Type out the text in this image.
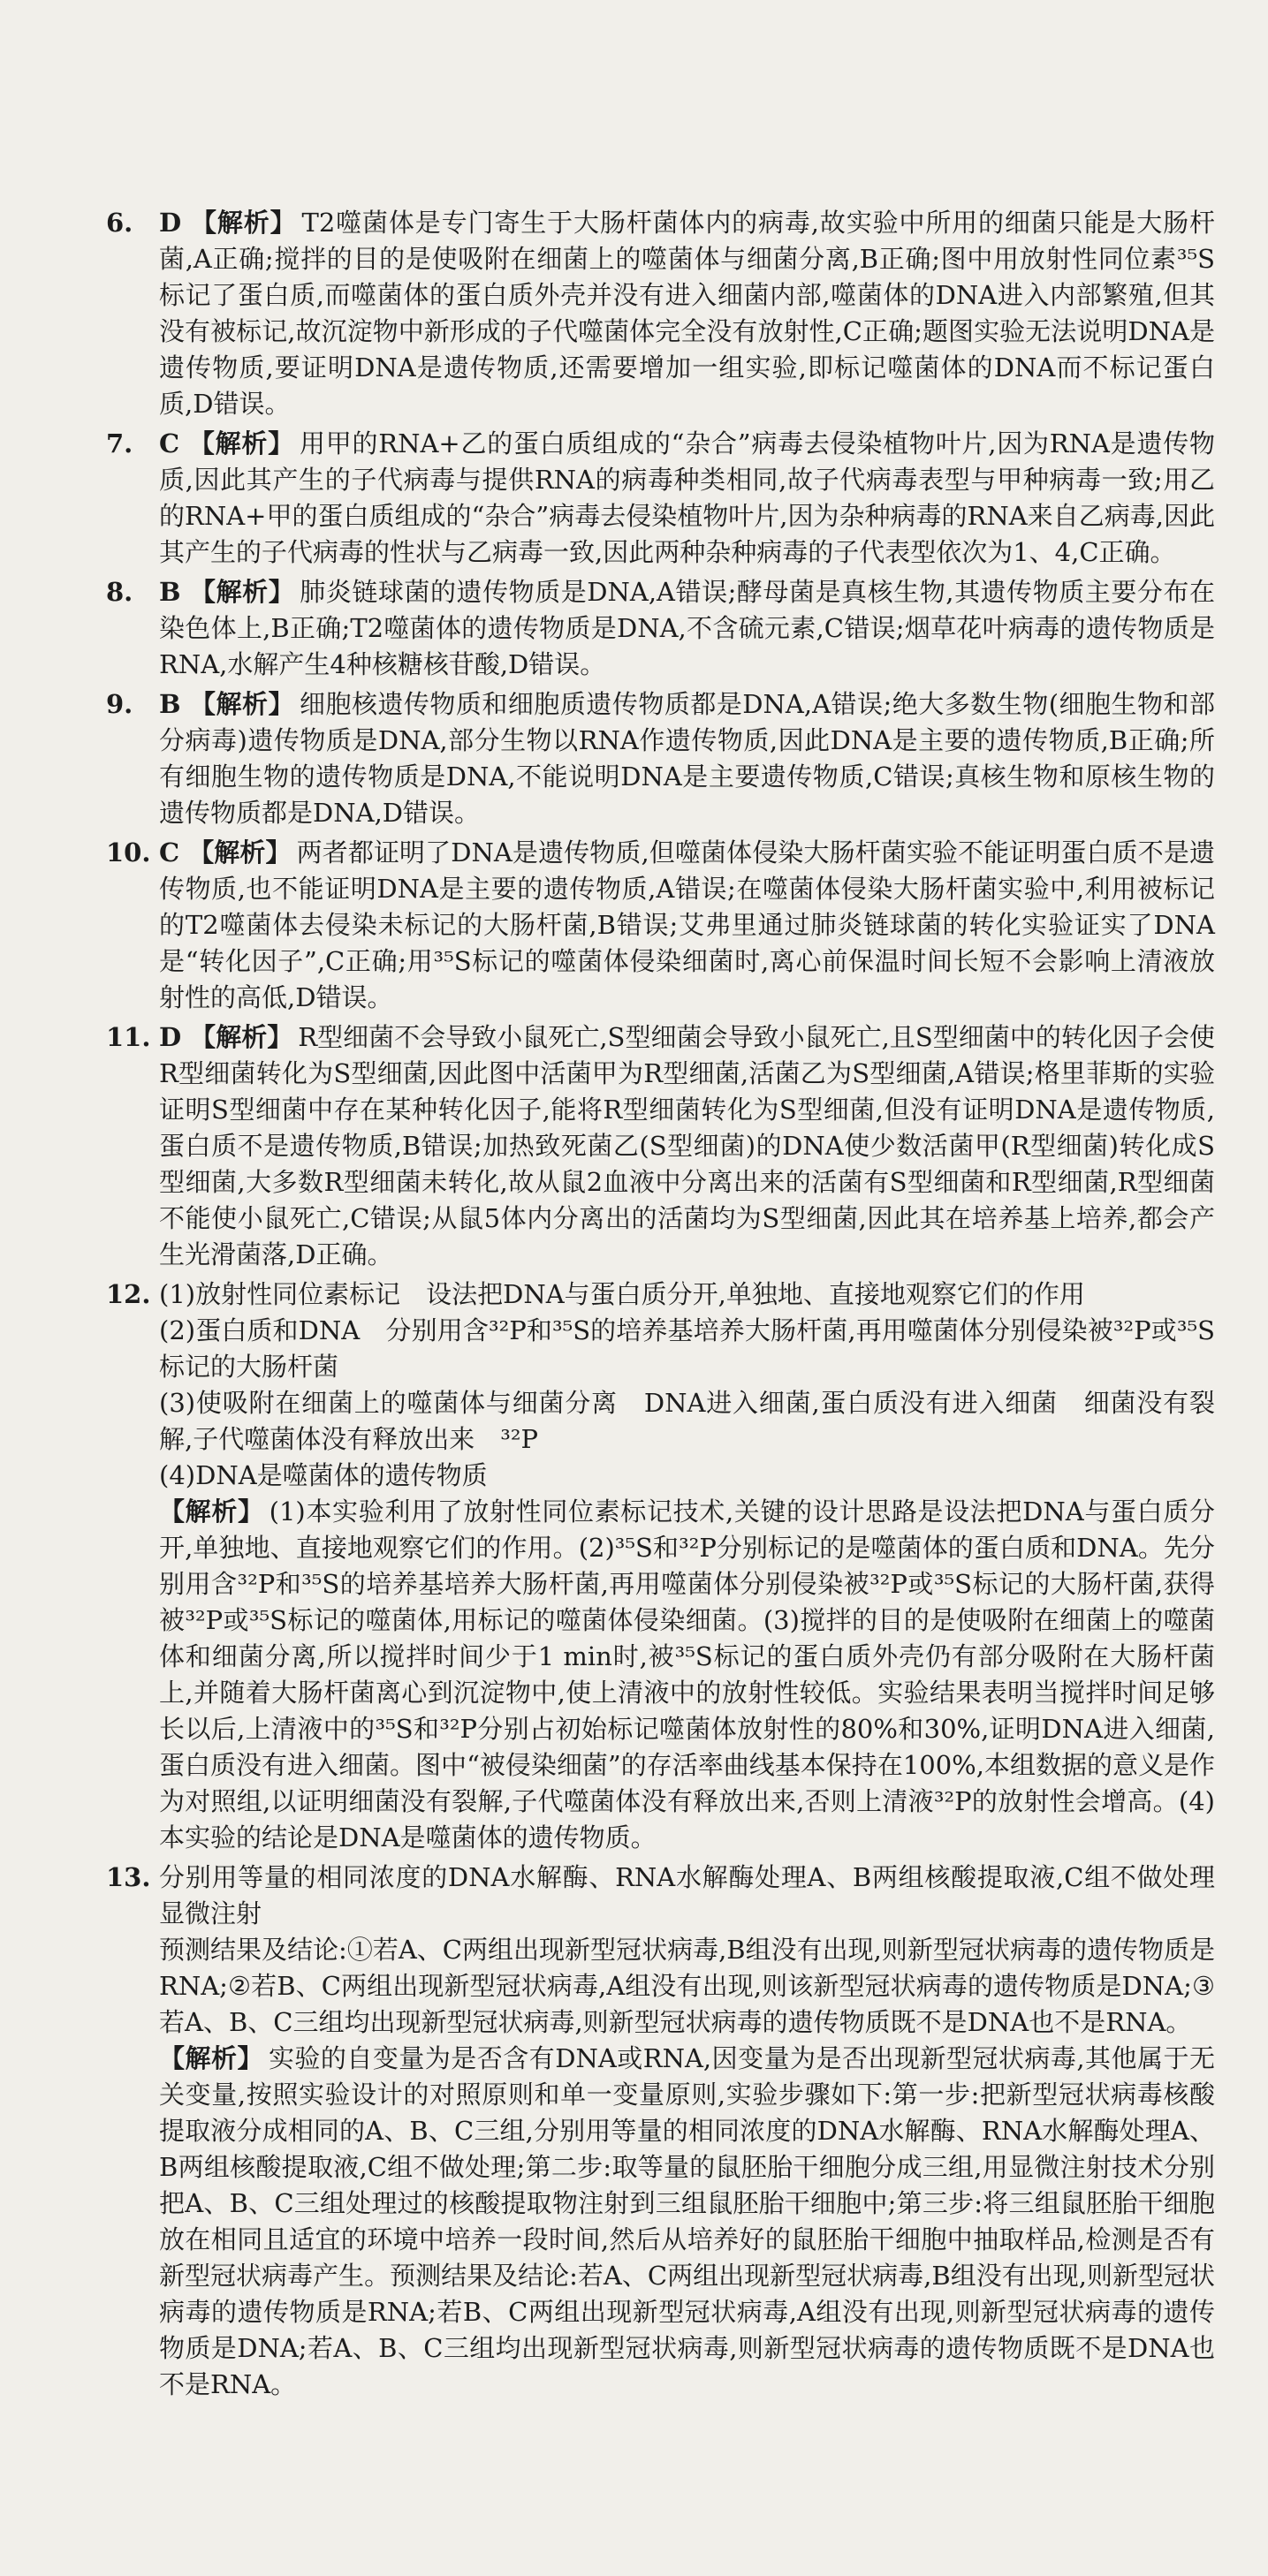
6.	D 【解析】 T2噬菌体是专门寄生于大肠杆菌体内的病毒,故实验中所用的细菌只能是大肠杆菌,A正确;搅拌的目的是使吸附在细菌上的噬菌体与细菌分离,B正确;图中用放射性同位素³⁵S标记了蛋白质,而噬菌体的蛋白质外壳并没有进入细菌内部,噬菌体的DNA进入内部繁殖,但其没有被标记,故沉淀物中新形成的子代噬菌体完全没有放射性,C正确;题图实验无法说明DNA是遗传物质,要证明DNA是遗传物质,还需要增加一组实验,即标记噬菌体的DNA而不标记蛋白质,D错误。
7.	C 【解析】 用甲的RNA+乙的蛋白质组成的“杂合”病毒去侵染植物叶片,因为RNA是遗传物质,因此其产生的子代病毒与提供RNA的病毒种类相同,故子代病毒表型与甲种病毒一致;用乙的RNA+甲的蛋白质组成的“杂合”病毒去侵染植物叶片,因为杂种病毒的RNA来自乙病毒,因此其产生的子代病毒的性状与乙病毒一致,因此两种杂种病毒的子代表型依次为1、4,C正确。
8.	B 【解析】 肺炎链球菌的遗传物质是DNA,A错误;酵母菌是真核生物,其遗传物质主要分布在染色体上,B正确;T2噬菌体的遗传物质是DNA,不含硫元素,C错误;烟草花叶病毒的遗传物质是RNA,水解产生4种核糖核苷酸,D错误。
9.	B 【解析】 细胞核遗传物质和细胞质遗传物质都是DNA,A错误;绝大多数生物(细胞生物和部分病毒)遗传物质是DNA,部分生物以RNA作遗传物质,因此DNA是主要的遗传物质,B正确;所有细胞生物的遗传物质是DNA,不能说明DNA是主要遗传物质,C错误;真核生物和原核生物的遗传物质都是DNA,D错误。
10. C 【解析】 两者都证明了DNA是遗传物质,但噬菌体侵染大肠杆菌实验不能证明蛋白质不是遗传物质,也不能证明DNA是主要的遗传物质,A错误;在噬菌体侵染大肠杆菌实验中,利用被标记的T2噬菌体去侵染未标记的大肠杆菌,B错误;艾弗里通过肺炎链球菌的转化实验证实了DNA是“转化因子”,C正确;用³⁵S标记的噬菌体侵染细菌时,离心前保温时间长短不会影响上清液放射性的高低,D错误。
11. D 【解析】 R型细菌不会导致小鼠死亡,S型细菌会导致小鼠死亡,且S型细菌中的转化因子会使R型细菌转化为S型细菌,因此图中活菌甲为R型细菌,活菌乙为S型细菌,A错误;格里菲斯的实验证明S型细菌中存在某种转化因子,能将R型细菌转化为S型细菌,但没有证明DNA是遗传物质,蛋白质不是遗传物质,B错误;加热致死菌乙(S型细菌)的DNA使少数活菌甲(R型细菌)转化成S型细菌,大多数R型细菌未转化,故从鼠2血液中分离出来的活菌有S型细菌和R型细菌,R型细菌不能使小鼠死亡,C错误;从鼠5体内分离出的活菌均为S型细菌,因此其在培养基上培养,都会产生光滑菌落,D正确。
12. (1)放射性同位素标记　设法把DNA与蛋白质分开,单独地、直接地观察它们的作用
(2)蛋白质和DNA　分别用含³²P和³⁵S的培养基培养大肠杆菌,再用噬菌体分别侵染被³²P或³⁵S标记的大肠杆菌
(3)使吸附在细菌上的噬菌体与细菌分离　DNA进入细菌,蛋白质没有进入细菌　细菌没有裂解,子代噬菌体没有释放出来　³²P
(4)DNA是噬菌体的遗传物质

【解析】 (1)本实验利用了放射性同位素标记技术,关键的设计思路是设法把DNA与蛋白质分开,单独地、直接地观察它们的作用。(2)³⁵S和³²P分别标记的是噬菌体的蛋白质和DNA。先分别用含³²P和³⁵S的培养基培养大肠杆菌,再用噬菌体分别侵染被³²P或³⁵S标记的大肠杆菌,获得被³²P或³⁵S标记的噬菌体,用标记的噬菌体侵染细菌。(3)搅拌的目的是使吸附在细菌上的噬菌体和细菌分离,所以搅拌时间少于1 min时,被³⁵S标记的蛋白质外壳仍有部分吸附在大肠杆菌上,并随着大肠杆菌离心到沉淀物中,使上清液中的放射性较低。实验结果表明当搅拌时间足够长以后,上清液中的³⁵S和³²P分别占初始标记噬菌体放射性的80%和30%,证明DNA进入细菌,蛋白质没有进入细菌。图中“被侵染细菌”的存活率曲线基本保持在100%,本组数据的意义是作为对照组,以证明细菌没有裂解,子代噬菌体没有释放出来,否则上清液³²P的放射性会增高。(4)本实验的结论是DNA是噬菌体的遗传物质。

13. 分别用等量的相同浓度的DNA水解酶、RNA水解酶处理A、B两组核酸提取液,C组不做处理　显微注射
预测结果及结论:①若A、C两组出现新型冠状病毒,B组没有出现,则新型冠状病毒的遗传物质是RNA;②若B、C两组出现新型冠状病毒,A组没有出现,则该新型冠状病毒的遗传物质是DNA;③若A、B、C三组均出现新型冠状病毒,则新型冠状病毒的遗传物质既不是DNA也不是RNA。

【解析】 实验的自变量为是否含有DNA或RNA,因变量为是否出现新型冠状病毒,其他属于无关变量,按照实验设计的对照原则和单一变量原则,实验步骤如下:第一步:把新型冠状病毒核酸提取液分成相同的A、B、C三组,分别用等量的相同浓度的DNA水解酶、RNA水解酶处理A、B两组核酸提取液,C组不做处理;第二步:取等量的鼠胚胎干细胞分成三组,用显微注射技术分别把A、B、C三组处理过的核酸提取物注射到三组鼠胚胎干细胞中;第三步:将三组鼠胚胎干细胞放在相同且适宜的环境中培养一段时间,然后从培养好的鼠胚胎干细胞中抽取样品,检测是否有新型冠状病毒产生。预测结果及结论:若A、C两组出现新型冠状病毒,B组没有出现,则新型冠状病毒的遗传物质是RNA;若B、C两组出现新型冠状病毒,A组没有出现,则新型冠状病毒的遗传物质是DNA;若A、B、C三组均出现新型冠状病毒,则新型冠状病毒的遗传物质既不是DNA也不是RNA。
